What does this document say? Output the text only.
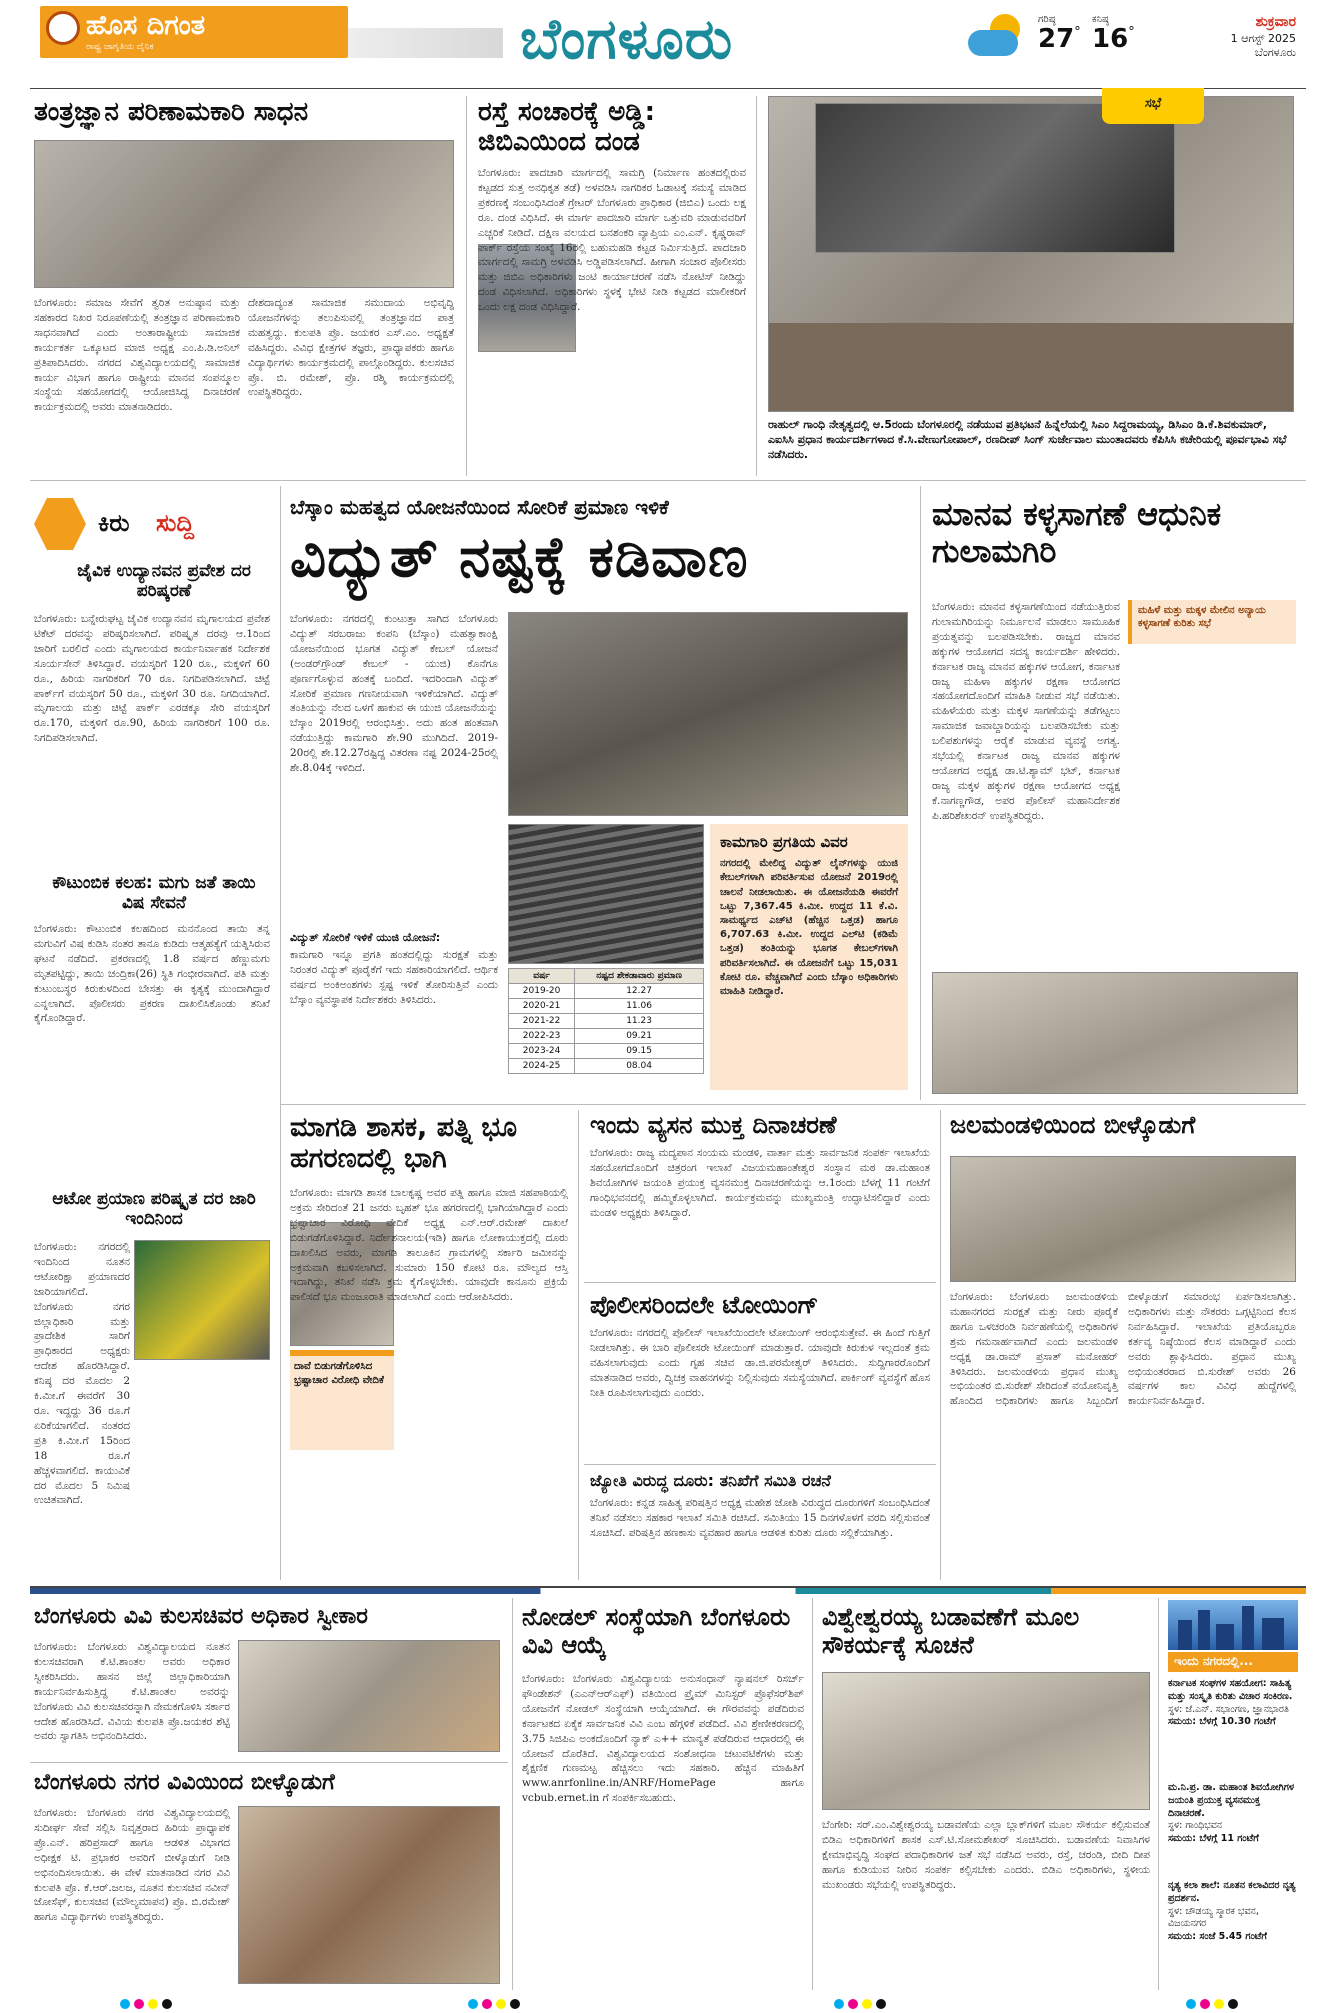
ಹೊಸ ದಿಗಂತ
ರಾಷ್ಟ್ರ ಜಾಗೃತಿಯ ದೈನಿಕ	ಬೆಂಗಳೂರು	ಗರಿಷ್ಠ
27°
ಕನಿಷ್ಠ
16°
ಶುಕ್ರವಾರ
1 ಆಗಸ್ಟ್ 2025
ಬೆಂಗಳೂರು
ತಂತ್ರಜ್ಞಾನ ಪರಿಣಾಮಕಾರಿ ಸಾಧನ
ಬೆಂಗಳೂರು: ಸಮಾಜ ಸೇವೆಗೆ ತ್ವರಿತ ಅನುಷ್ಠಾನ ಮತ್ತು ಸಹಕಾರದ ನಿಖರ ನಿರೂಪಣೆಯಲ್ಲಿ ತಂತ್ರಜ್ಞಾನ ಪರಿಣಾಮಕಾರಿ ಸಾಧನವಾಗಿದೆ ಎಂದು ಅಂತಾರಾಷ್ಟ್ರೀಯ ಸಾಮಾಜಿಕ ಕಾರ್ಯಕರ್ತ ಒಕ್ಕೂಟದ ಮಾಜಿ ಅಧ್ಯಕ್ಷ ಎಂ.ಪಿ.ಡಿ.ಅನಿಲ್ ಪ್ರತಿಪಾದಿಸಿದರು. ನಗರದ ವಿಶ್ವವಿದ್ಯಾಲಯದಲ್ಲಿ ಸಾಮಾಜಿಕ ಕಾರ್ಯ ವಿಭಾಗ ಹಾಗೂ ರಾಷ್ಟ್ರೀಯ ಮಾನವ ಸಂಪನ್ಮೂಲ ಸಂಸ್ಥೆಯ ಸಹಯೋಗದಲ್ಲಿ ಆಯೋಜಿಸಿದ್ದ ದಿನಾಚರಣೆ ಕಾರ್ಯಕ್ರಮದಲ್ಲಿ ಅವರು ಮಾತನಾಡಿದರು.
ದೇಶದಾದ್ಯಂತ ಸಾಮಾಜಿಕ ಸಮುದಾಯ ಅಭಿವೃದ್ಧಿ ಯೋಜನೆಗಳನ್ನು ತಲುಪಿಸುವಲ್ಲಿ ತಂತ್ರಜ್ಞಾನದ ಪಾತ್ರ ಮಹತ್ವದ್ದು. ಕುಲಪತಿ ಪ್ರೊ. ಜಯಕರ ಎಸ್.ಎಂ. ಅಧ್ಯಕ್ಷತೆ ವಹಿಸಿದ್ದರು. ವಿವಿಧ ಕ್ಷೇತ್ರಗಳ ತಜ್ಞರು, ಪ್ರಾಧ್ಯಾಪಕರು ಹಾಗೂ ವಿದ್ಯಾರ್ಥಿಗಳು ಕಾರ್ಯಕ್ರಮದಲ್ಲಿ ಪಾಲ್ಗೊಂಡಿದ್ದರು. ಕುಲಸಚಿವ ಪ್ರೊ. ಬಿ. ರಮೇಶ್, ಪ್ರೊ. ರಶ್ಮಿ ಕಾರ್ಯಕ್ರಮದಲ್ಲಿ ಉಪಸ್ಥಿತರಿದ್ದರು.
ರಸ್ತೆ ಸಂಚಾರಕ್ಕೆ ಅಡ್ಡಿ: ಜಿಬಿಎಯಿಂದ ದಂಡ
ಬೆಂಗಳೂರು: ಪಾದಚಾರಿ ಮಾರ್ಗದಲ್ಲಿ ಸಾಮಗ್ರಿ (ನಿರ್ಮಾಣ ಹಂತದಲ್ಲಿರುವ ಕಟ್ಟಡದ ಸುತ್ತ ಅನಧಿಕೃತ ತಡೆ) ಅಳವಡಿಸಿ ನಾಗರಿಕರ ಓಡಾಟಕ್ಕೆ ಸಮಸ್ಯೆ ಮಾಡಿದ ಪ್ರಕರಣಕ್ಕೆ ಸಂಬಂಧಿಸಿದಂತೆ ಗ್ರೇಟರ್ ಬೆಂಗಳೂರು ಪ್ರಾಧಿಕಾರ (ಜಿಬಿಎ) ಒಂದು ಲಕ್ಷ ರೂ. ದಂಡ ವಿಧಿಸಿದೆ. ಈ ಮಾರ್ಗ ಪಾದಚಾರಿ ಮಾರ್ಗ ಒತ್ತುವರಿ ಮಾಡುವವರಿಗೆ ಎಚ್ಚರಿಕೆ ನೀಡಿದೆ. ದಕ್ಷಿಣ ವಲಯದ ಬನಶಂಕರಿ ವ್ಯಾಪ್ತಿಯ ಎಂ.ಎನ್. ಕೃಷ್ಣರಾವ್ ಪಾರ್ಕ್ ರಸ್ತೆಯ ಸಂಖ್ಯೆ 16ರಲ್ಲಿ ಬಹುಮಹಡಿ ಕಟ್ಟಡ ನಿರ್ಮಿಸುತ್ತಿದೆ. ಪಾದಚಾರಿ ಮಾರ್ಗದಲ್ಲಿ ಸಾಮಗ್ರಿ ಅಳವಡಿಸಿ ಅಡ್ಡಿಪಡಿಸಲಾಗಿದೆ. ಹೀಗಾಗಿ ಸಂಚಾರ ಪೊಲೀಸರು ಮತ್ತು ಜಿಬಿಎ ಅಧಿಕಾರಿಗಳು ಜಂಟಿ ಕಾರ್ಯಾಚರಣೆ ನಡೆಸಿ ನೋಟಿಸ್ ನೀಡಿದ್ದು ದಂಡ ವಿಧಿಸಲಾಗಿದೆ. ಅಧಿಕಾರಿಗಳು ಸ್ಥಳಕ್ಕೆ ಭೇಟಿ ನೀಡಿ ಕಟ್ಟಡದ ಮಾಲೀಕರಿಗೆ ಒಂದು ಲಕ್ಷ ದಂಡ ವಿಧಿಸಿದ್ದಾರೆ.
ಸಭೆ
ರಾಹುಲ್ ಗಾಂಧಿ ನೇತೃತ್ವದಲ್ಲಿ ಆ.5ರಂದು ಬೆಂಗಳೂರಲ್ಲಿ ನಡೆಯುವ ಪ್ರತಿಭಟನೆ ಹಿನ್ನೆಲೆಯಲ್ಲಿ ಸಿಎಂ ಸಿದ್ದರಾಮಯ್ಯ, ಡಿಸಿಎಂ ಡಿ.ಕೆ.ಶಿವಕುಮಾರ್, ಎಐಸಿಸಿ ಪ್ರಧಾನ ಕಾರ್ಯದರ್ಶಿಗಳಾದ ಕೆ.ಸಿ.ವೇಣುಗೋಪಾಲ್, ರಣದೀಪ್ ಸಿಂಗ್ ಸುರ್ಜೇವಾಲ ಮುಂತಾದವರು ಕೆಪಿಸಿಸಿ ಕಚೇರಿಯಲ್ಲಿ ಪೂರ್ವಭಾವಿ ಸಭೆ ನಡೆಸಿದರು.
ಕಿರು ಸುದ್ದಿ
ಜೈವಿಕ ಉದ್ಯಾನವನ ಪ್ರವೇಶ ದರ ಪರಿಷ್ಕರಣೆ
ಬೆಂಗಳೂರು: ಬನ್ನೇರುಘಟ್ಟ ಜೈವಿಕ ಉದ್ಯಾನವನ ಮೃಗಾಲಯದ ಪ್ರವೇಶ ಟಿಕೆಟ್ ದರವನ್ನು ಪರಿಷ್ಕರಿಸಲಾಗಿದೆ. ಪರಿಷ್ಕೃತ ದರವು ಆ.1ರಿಂದ ಜಾರಿಗೆ ಬರಲಿದೆ ಎಂದು ಮೃಗಾಲಯದ ಕಾರ್ಯನಿರ್ವಾಹಕ ನಿರ್ದೇಶಕ ಸೂರ್ಯಸೇನ್ ತಿಳಿಸಿದ್ದಾರೆ. ವಯಸ್ಕರಿಗೆ 120 ರೂ., ಮಕ್ಕಳಿಗೆ 60 ರೂ., ಹಿರಿಯ ನಾಗರಿಕರಿಗೆ 70 ರೂ. ನಿಗದಿಪಡಿಸಲಾಗಿದೆ. ಚಿಟ್ಟೆ ಪಾರ್ಕ್‌ಗೆ ವಯಸ್ಕರಿಗೆ 50 ರೂ., ಮಕ್ಕಳಿಗೆ 30 ರೂ. ನಿಗದಿಯಾಗಿದೆ. ಮೃಗಾಲಯ ಮತ್ತು ಚಿಟ್ಟೆ ಪಾರ್ಕ್ ಎರಡಕ್ಕೂ ಸೇರಿ ವಯಸ್ಕರಿಗೆ ರೂ.170, ಮಕ್ಕಳಿಗೆ ರೂ.90, ಹಿರಿಯ ನಾಗರಿಕರಿಗೆ 100 ರೂ. ನಿಗದಿಪಡಿಸಲಾಗಿದೆ.
ಕೌಟುಂಬಿಕ ಕಲಹ: ಮಗು ಜತೆ ತಾಯಿ ವಿಷ ಸೇವನೆ
ಬೆಂಗಳೂರು: ಕೌಟುಂಬಿಕ ಕಲಹದಿಂದ ಮನನೊಂದ ತಾಯಿ ತನ್ನ ಮಗುವಿಗೆ ವಿಷ ಕುಡಿಸಿ ನಂತರ ತಾನೂ ಕುಡಿದು ಆತ್ಮಹತ್ಯೆಗೆ ಯತ್ನಿಸಿರುವ ಘಟನೆ ನಡೆದಿದೆ. ಪ್ರಕರಣದಲ್ಲಿ 1.8 ವರ್ಷದ ಹೆಣ್ಣುಮಗು ಮೃತಪಟ್ಟಿದ್ದು, ತಾಯಿ ಚಂದ್ರಿಕಾ(26) ಸ್ಥಿತಿ ಗಂಭೀರವಾಗಿದೆ. ಪತಿ ಮತ್ತು ಕುಟುಂಬಸ್ಥರ ಕಿರುಕುಳದಿಂದ ಬೇಸತ್ತು ಈ ಕೃತ್ಯಕ್ಕೆ ಮುಂದಾಗಿದ್ದಾರೆ ಎನ್ನಲಾಗಿದೆ. ಪೊಲೀಸರು ಪ್ರಕರಣ ದಾಖಲಿಸಿಕೊಂಡು ತನಿಖೆ ಕೈಗೊಂಡಿದ್ದಾರೆ.
ಆಟೋ ಪ್ರಯಾಣ ಪರಿಷ್ಕೃತ ದರ ಜಾರಿ ಇಂದಿನಿಂದ
ಬೆಂಗಳೂರು: ನಗರದಲ್ಲಿ ಇಂದಿನಿಂದ ನೂತನ ಆಟೋರಿಕ್ಷಾ ಪ್ರಯಾಣದರ ಜಾರಿಯಾಗಲಿದೆ. ಬೆಂಗಳೂರು ನಗರ ಜಿಲ್ಲಾಧಿಕಾರಿ ಮತ್ತು ಪ್ರಾದೇಶಿಕ ಸಾರಿಗೆ ಪ್ರಾಧಿಕಾರದ ಅಧ್ಯಕ್ಷರು ಆದೇಶ ಹೊರಡಿಸಿದ್ದಾರೆ. ಕನಿಷ್ಠ ದರ ಮೊದಲ 2 ಕಿ.ಮೀ.ಗೆ ಈವರೆಗೆ 30 ರೂ. ಇದ್ದದ್ದು 36 ರೂ.ಗೆ ಏರಿಕೆಯಾಗಲಿದೆ. ನಂತರದ ಪ್ರತಿ ಕಿ.ಮೀ.ಗೆ 15ರಿಂದ 18 ರೂ.ಗೆ ಹೆಚ್ಚಳವಾಗಲಿದೆ. ಕಾಯುವಿಕೆ ದರ ಮೊದಲ 5 ನಿಮಿಷ ಉಚಿತವಾಗಿದೆ.
ಬೆಸ್ಕಾಂ ಮಹತ್ವದ ಯೋಜನೆಯಿಂದ ಸೋರಿಕೆ ಪ್ರಮಾಣ ಇಳಿಕೆ
ವಿದ್ಯುತ್ ನಷ್ಟಕ್ಕೆ ಕಡಿವಾಣ
ಬೆಂಗಳೂರು: ನಗರದಲ್ಲಿ ಕುಂಟುತ್ತಾ ಸಾಗಿದ ಬೆಂಗಳೂರು ವಿದ್ಯುತ್ ಸರಬರಾಜು ಕಂಪನಿ (ಬೆಸ್ಕಾಂ) ಮಹತ್ವಾಕಾಂಕ್ಷಿ ಯೋಜನೆಯಿಂದ ಭೂಗತ ವಿದ್ಯುತ್ ಕೇಬಲ್ ಯೋಜನೆ (ಅಂಡರ್‌ಗ್ರೌಂಡ್ ಕೇಬಲ್ - ಯುಜಿ) ಕೊನೆಗೂ ಪೂರ್ಣಗೊಳ್ಳುವ ಹಂತಕ್ಕೆ ಬಂದಿದೆ. ಇದರಿಂದಾಗಿ ವಿದ್ಯುತ್ ಸೋರಿಕೆ ಪ್ರಮಾಣ ಗಣನೀಯವಾಗಿ ಇಳಿಕೆಯಾಗಿದೆ. ವಿದ್ಯುತ್ ತಂತಿಯನ್ನು ನೆಲದ ಒಳಗೆ ಹಾಕುವ ಈ ಯುಜಿ ಯೋಜನೆಯನ್ನು ಬೆಸ್ಕಾಂ 2019ರಲ್ಲಿ ಆರಂಭಿಸಿತ್ತು. ಅದು ಹಂತ ಹಂತವಾಗಿ ನಡೆಯುತ್ತಿದ್ದು ಕಾಮಗಾರಿ ಶೇ.90 ಮುಗಿದಿದೆ. 2019-20ರಲ್ಲಿ ಶೇ.12.27ರಷ್ಟಿದ್ದ ವಿತರಣಾ ನಷ್ಟ 2024-25ರಲ್ಲಿ ಶೇ.8.04ಕ್ಕೆ ಇಳಿದಿದೆ.
ವಿದ್ಯುತ್ ಸೋರಿಕೆ ಇಳಿಕೆ ಯುಜಿ ಯೋಜನೆ:
ಕಾಮಗಾರಿ ಇನ್ನೂ ಪ್ರಗತಿ ಹಂತದಲ್ಲಿದ್ದು ಸುರಕ್ಷತೆ ಮತ್ತು ನಿರಂತರ ವಿದ್ಯುತ್ ಪೂರೈಕೆಗೆ ಇದು ಸಹಕಾರಿಯಾಗಲಿದೆ. ಆರ್ಥಿಕ ವರ್ಷದ ಅಂಕಿಅಂಶಗಳು ಸ್ಪಷ್ಟ ಇಳಿಕೆ ತೋರಿಸುತ್ತಿವೆ ಎಂದು ಬೆಸ್ಕಾಂ ವ್ಯವಸ್ಥಾಪಕ ನಿರ್ದೇಶಕರು ತಿಳಿಸಿದರು.
ವರ್ಷ	ನಷ್ಟದ ಶೇಕಡಾವಾರು ಪ್ರಮಾಣ
2019-20	12.27
2020-21	11.06
2021-22	11.23
2022-23	09.21
2023-24	09.15
2024-25	08.04
ಕಾಮಗಾರಿ ಪ್ರಗತಿಯ ವಿವರ
ನಗರದಲ್ಲಿ ಮೇಲಿದ್ದ ವಿದ್ಯುತ್ ಲೈನ್‌ಗಳನ್ನು ಯುಜಿ ಕೇಬಲ್‌ಗಳಾಗಿ ಪರಿವರ್ತಿಸುವ ಯೋಜನೆ 2019ರಲ್ಲಿ ಚಾಲನೆ ನೀಡಲಾಯಿತು. ಈ ಯೋಜನೆಯಡಿ ಈವರೆಗೆ ಒಟ್ಟು 7,367.45 ಕಿ.ಮೀ. ಉದ್ದದ 11 ಕೆ.ವಿ. ಸಾಮರ್ಥ್ಯದ ಎಚ್‌ಟಿ (ಹೆಚ್ಚಿನ ಒತ್ತಡ) ಹಾಗೂ 6,707.63 ಕಿ.ಮೀ. ಉದ್ದದ ಎಲ್‌ಟಿ (ಕಡಿಮೆ ಒತ್ತಡ) ತಂತಿಯನ್ನು ಭೂಗತ ಕೇಬಲ್‌ಗಳಾಗಿ ಪರಿವರ್ತಿಸಲಾಗಿದೆ. ಈ ಯೋಜನೆಗೆ ಒಟ್ಟು 15,031 ಕೋಟಿ ರೂ. ವೆಚ್ಚವಾಗಿದೆ ಎಂದು ಬೆಸ್ಕಾಂ ಅಧಿಕಾರಿಗಳು ಮಾಹಿತಿ ನೀಡಿದ್ದಾರೆ.
ಮಾನವ ಕಳ್ಳಸಾಗಣೆ ಆಧುನಿಕ ಗುಲಾಮಗಿರಿ
ಮಹಿಳೆ ಮತ್ತು ಮಕ್ಕಳ ಮೇಲಿನ ಅನ್ಯಾಯ ಕಳ್ಳಸಾಗಣೆ ಕುರಿತು ಸಭೆ
ಬೆಂಗಳೂರು: ಮಾನವ ಕಳ್ಳಸಾಗಣೆಯಿಂದ ನಡೆಯುತ್ತಿರುವ ಗುಲಾಮಗಿರಿಯನ್ನು ನಿರ್ಮೂಲನೆ ಮಾಡಲು ಸಾಮೂಹಿಕ ಪ್ರಯತ್ನವನ್ನು ಬಲಪಡಿಸಬೇಕು. ರಾಜ್ಯದ ಮಾನವ ಹಕ್ಕುಗಳ ಆಯೋಗದ ಸದಸ್ಯ ಕಾರ್ಯದರ್ಶಿ ಹೇಳಿದರು. ಕರ್ನಾಟಕ ರಾಜ್ಯ ಮಾನವ ಹಕ್ಕುಗಳ ಆಯೋಗ, ಕರ್ನಾಟಕ ರಾಜ್ಯ ಮಹಿಳಾ ಹಕ್ಕುಗಳ ರಕ್ಷಣಾ ಆಯೋಗದ ಸಹಯೋಗದೊಂದಿಗೆ ಮಾಹಿತಿ ನೀಡುವ ಸಭೆ ನಡೆಯಿತು. ಮಹಿಳೆಯರು ಮತ್ತು ಮಕ್ಕಳ ಸಾಗಣೆಯನ್ನು ತಡೆಗಟ್ಟಲು ಸಾಮಾಜಿಕ ಜವಾಬ್ದಾರಿಯನ್ನು ಬಲಪಡಿಸಬೇಕು ಮತ್ತು ಬಲಿಪಶುಗಳನ್ನು ಆರೈಕೆ ಮಾಡುವ ವ್ಯವಸ್ಥೆ ಅಗತ್ಯ. ಸಭೆಯಲ್ಲಿ ಕರ್ನಾಟಕ ರಾಜ್ಯ ಮಾನವ ಹಕ್ಕುಗಳ ಆಯೋಗದ ಅಧ್ಯಕ್ಷ ಡಾ.ಟಿ.ಶ್ಯಾಮ್ ಭಟ್, ಕರ್ನಾಟಕ ರಾಜ್ಯ ಮಕ್ಕಳ ಹಕ್ಕುಗಳ ರಕ್ಷಣಾ ಆಯೋಗದ ಅಧ್ಯಕ್ಷ ಕೆ.ನಾಗಣ್ಣಗೌಡ, ಅಪರ ಪೊಲೀಸ್ ಮಹಾನಿರ್ದೇಶಕ ಪಿ.ಹರಿಶೇಖರನ್ ಉಪಸ್ಥಿತರಿದ್ದರು.
ಮಾಗಡಿ ಶಾಸಕ, ಪತ್ನಿ ಭೂ ಹಗರಣದಲ್ಲಿ ಭಾಗಿ
ದಾವೆ ಬಿಡುಗಡೆಗೊಳಿಸಿದ ಭ್ರಷ್ಟಾಚಾರ ವಿರೋಧಿ ವೇದಿಕೆ
ಬೆಂಗಳೂರು: ಮಾಗಡಿ ಶಾಸಕ ಬಾಲಕೃಷ್ಣ ಅವರ ಪತ್ನಿ ಹಾಗೂ ಮಾಜಿ ಸಹಪಾಠಿಯಲ್ಲಿ ಅಕ್ರಮ ಸೇರಿದಂತೆ 21 ಜನರು ಬೃಹತ್ ಭೂ ಹಗರಣದಲ್ಲಿ ಭಾಗಿಯಾಗಿದ್ದಾರೆ ಎಂದು ಭ್ರಷ್ಟಾಚಾರ ವಿರೋಧಿ ವೇದಿಕೆ ಅಧ್ಯಕ್ಷ ಎನ್.ಆರ್.ರಮೇಶ್ ದಾಖಲೆ ಬಿಡುಗಡೆಗೊಳಿಸಿದ್ದಾರೆ. ನಿರ್ದೇಶನಾಲಯ(ಇಡಿ) ಹಾಗೂ ಲೋಕಾಯುಕ್ತದಲ್ಲಿ ದೂರು ದಾಖಲಿಸಿದ ಅವರು, ಮಾಗಡಿ ತಾಲೂಕಿನ ಗ್ರಾಮಗಳಲ್ಲಿ ಸರ್ಕಾರಿ ಜಮೀನನ್ನು ಅಕ್ರಮವಾಗಿ ಕಬಳಿಸಲಾಗಿದೆ. ಸುಮಾರು 150 ಕೋಟಿ ರೂ. ಮೌಲ್ಯದ ಆಸ್ತಿ ಇದಾಗಿದ್ದು, ತನಿಖೆ ನಡೆಸಿ ಕ್ರಮ ಕೈಗೊಳ್ಳಬೇಕು. ಯಾವುದೇ ಕಾನೂನು ಪ್ರಕ್ರಿಯೆ ಪಾಲಿಸದೆ ಭೂ ಮಂಜೂರಾತಿ ಮಾಡಲಾಗಿದೆ ಎಂದು ಆರೋಪಿಸಿದರು.
ಇಂದು ವ್ಯಸನ ಮುಕ್ತ ದಿನಾಚರಣೆ
ಬೆಂಗಳೂರು: ರಾಜ್ಯ ಮದ್ಯಪಾನ ಸಂಯಮ ಮಂಡಳಿ, ವಾರ್ತಾ ಮತ್ತು ಸಾರ್ವಜನಿಕ ಸಂಪರ್ಕ ಇಲಾಖೆಯ ಸಹಯೋಗದೊಂದಿಗೆ ಚಿತ್ರರಂಗ ಇಲಾಖೆ ವಿಜಯಮಹಾಂತೇಶ್ವರ ಸಂಸ್ಥಾನ ಮಠ ಡಾ.ಮಹಾಂತ ಶಿವಯೋಗಿಗಳ ಜಯಂತಿ ಪ್ರಯುಕ್ತ ವ್ಯಸನಮುಕ್ತ ದಿನಾಚರಣೆಯನ್ನು ಆ.1ರಂದು ಬೆಳಗ್ಗೆ 11 ಗಂಟೆಗೆ ಗಾಂಧಿಭವನದಲ್ಲಿ ಹಮ್ಮಿಕೊಳ್ಳಲಾಗಿದೆ. ಕಾರ್ಯಕ್ರಮವನ್ನು ಮುಖ್ಯಮಂತ್ರಿ ಉದ್ಘಾಟಿಸಲಿದ್ದಾರೆ ಎಂದು ಮಂಡಳಿ ಅಧ್ಯಕ್ಷರು ತಿಳಿಸಿದ್ದಾರೆ.
ಪೊಲೀಸರಿಂದಲೇ ಟೋಯಿಂಗ್
ಬೆಂಗಳೂರು: ನಗರದಲ್ಲಿ ಪೊಲೀಸ್ ಇಲಾಖೆಯಿಂದಲೇ ಟೋಯಿಂಗ್ ಆರಂಭಿಸುತ್ತೇವೆ. ಈ ಹಿಂದೆ ಗುತ್ತಿಗೆ ನೀಡಲಾಗಿತ್ತು. ಈ ಬಾರಿ ಪೊಲೀಸರೇ ಟೋಯಿಂಗ್ ಮಾಡುತ್ತಾರೆ. ಯಾವುದೇ ಕಿರುಕುಳ ಇಲ್ಲದಂತೆ ಕ್ರಮ ವಹಿಸಲಾಗುವುದು ಎಂದು ಗೃಹ ಸಚಿವ ಡಾ.ಜಿ.ಪರಮೇಶ್ವರ್ ತಿಳಿಸಿದರು. ಸುದ್ದಿಗಾರರೊಂದಿಗೆ ಮಾತನಾಡಿದ ಅವರು, ದ್ವಿಚಕ್ರ ವಾಹನಗಳನ್ನು ನಿಲ್ಲಿಸುವುದು ಸಮಸ್ಯೆಯಾಗಿದೆ. ಪಾರ್ಕಿಂಗ್ ವ್ಯವಸ್ಥೆಗೆ ಹೊಸ ನೀತಿ ರೂಪಿಸಲಾಗುವುದು ಎಂದರು.
ಜ್ಯೋತಿ ವಿರುದ್ಧ ದೂರು: ತನಿಖೆಗೆ ಸಮಿತಿ ರಚನೆ
ಬೆಂಗಳೂರು: ಕನ್ನಡ ಸಾಹಿತ್ಯ ಪರಿಷತ್ತಿನ ಅಧ್ಯಕ್ಷ ಮಹೇಶ ಜೋಶಿ ವಿರುದ್ಧದ ದೂರುಗಳಿಗೆ ಸಂಬಂಧಿಸಿದಂತೆ ತನಿಖೆ ನಡೆಸಲು ಸಹಕಾರ ಇಲಾಖೆ ಸಮಿತಿ ರಚಿಸಿದೆ. ಸಮಿತಿಯು 15 ದಿನಗಳೊಳಗೆ ವರದಿ ಸಲ್ಲಿಸುವಂತೆ ಸೂಚಿಸಿದೆ. ಪರಿಷತ್ತಿನ ಹಣಕಾಸು ವ್ಯವಹಾರ ಹಾಗೂ ಆಡಳಿತ ಕುರಿತು ದೂರು ಸಲ್ಲಿಕೆಯಾಗಿತ್ತು.
ಜಲಮಂಡಳಿಯಿಂದ ಬೀಳ್ಕೊಡುಗೆ
ಬೆಂಗಳೂರು: ಬೆಂಗಳೂರು ಜಲಮಂಡಳಿಯ ಮಹಾನಗರದ ಸುರಕ್ಷತೆ ಮತ್ತು ನೀರು ಪೂರೈಕೆ ಹಾಗೂ ಒಳಚರಂಡಿ ನಿರ್ವಹಣೆಯಲ್ಲಿ ಅಧಿಕಾರಿಗಳ ಶ್ರಮ ಗಮನಾರ್ಹವಾಗಿದೆ ಎಂದು ಜಲಮಂಡಳಿ ಅಧ್ಯಕ್ಷ ಡಾ.ರಾಮ್ ಪ್ರಸಾತ್ ಮನೋಹರ್ ತಿಳಿಸಿದರು. ಜಲಮಂಡಳಿಯ ಪ್ರಧಾನ ಮುಖ್ಯ ಅಭಿಯಂತರ ಬಿ.ಸುರೇಶ್ ಸೇರಿದಂತೆ ವಯೋನಿವೃತ್ತಿ ಹೊಂದಿದ ಅಧಿಕಾರಿಗಳು ಹಾಗೂ ಸಿಬ್ಬಂದಿಗೆ ಬೀಳ್ಕೊಡುಗೆ ಸಮಾರಂಭ ಏರ್ಪಡಿಸಲಾಗಿತ್ತು. ಅಧಿಕಾರಿಗಳು ಮತ್ತು ನೌಕರರು ಒಗ್ಗಟ್ಟಿನಿಂದ ಕೆಲಸ ನಿರ್ವಹಿಸಿದ್ದಾರೆ. ಇಲಾಖೆಯ ಪ್ರತಿಯೊಬ್ಬರೂ ಕರ್ತವ್ಯ ನಿಷ್ಠೆಯಿಂದ ಕೆಲಸ ಮಾಡಿದ್ದಾರೆ ಎಂದು ಅವರು ಶ್ಲಾಘಿಸಿದರು. ಪ್ರಧಾನ ಮುಖ್ಯ ಅಭಿಯಂತರರಾದ ಬಿ.ಸುರೇಶ್ ಅವರು 26 ವರ್ಷಗಳ ಕಾಲ ವಿವಿಧ ಹುದ್ದೆಗಳಲ್ಲಿ ಕಾರ್ಯನಿರ್ವಹಿಸಿದ್ದಾರೆ.
ಬೆಂಗಳೂರು ವಿವಿ ಕುಲಸಚಿವರ ಅಧಿಕಾರ ಸ್ವೀಕಾರ
ಬೆಂಗಳೂರು: ಬೆಂಗಳೂರು ವಿಶ್ವವಿದ್ಯಾಲಯದ ನೂತನ ಕುಲಸಚಿವರಾಗಿ ಕೆ.ಟಿ.ಶಾಂತಲ ಅವರು ಅಧಿಕಾರ ಸ್ವೀಕರಿಸಿದರು. ಹಾಸನ ಜಿಲ್ಲೆ ಜಿಲ್ಲಾಧಿಕಾರಿಯಾಗಿ ಕಾರ್ಯನಿರ್ವಹಿಸುತ್ತಿದ್ದ ಕೆ.ಟಿ.ಶಾಂತಲ ಅವರನ್ನು ಬೆಂಗಳೂರು ವಿವಿ ಕುಲಸಚಿವರನ್ನಾಗಿ ನೇಮಕಗೊಳಿಸಿ ಸರ್ಕಾರ ಆದೇಶ ಹೊರಡಿಸಿದೆ. ವಿವಿಯ ಕುಲಪತಿ ಪ್ರೊ.ಜಯಕರ ಶೆಟ್ಟಿ ಅವರು ಸ್ವಾಗತಿಸಿ ಅಭಿನಂದಿಸಿದರು.
ಬೆಂಗಳೂರು ನಗರ ವಿವಿಯಿಂದ ಬೀಳ್ಕೊಡುಗೆ
ಬೆಂಗಳೂರು: ಬೆಂಗಳೂರು ನಗರ ವಿಶ್ವವಿದ್ಯಾಲಯದಲ್ಲಿ ಸುದೀರ್ಘ ಸೇವೆ ಸಲ್ಲಿಸಿ ನಿವೃತ್ತರಾದ ಹಿರಿಯ ಪ್ರಾಧ್ಯಾಪಕ ಪ್ರೊ.ಎನ್. ಹರಿಪ್ರಸಾದ್ ಹಾಗೂ ಆಡಳಿತ ವಿಭಾಗದ ಅಧೀಕ್ಷಕ ಟಿ. ಪ್ರಭಾಕರ ಅವರಿಗೆ ಬೀಳ್ಕೊಡುಗೆ ನೀಡಿ ಅಭಿನಂದಿಸಲಾಯಿತು. ಈ ವೇಳೆ ಮಾತನಾಡಿದ ನಗರ ವಿವಿ ಕುಲಪತಿ ಪ್ರೊ. ಕೆ.ಆರ್.ಜಲಜ, ನೂತನ ಕುಲಸಚಿವ ನವೀನ್ ಜೋಸೆಫ್, ಕುಲಸಚಿವ (ಮೌಲ್ಯಮಾಪನ) ಪ್ರೊ. ಬಿ.ರಮೇಶ್ ಹಾಗೂ ವಿದ್ಯಾರ್ಥಿಗಳು ಉಪಸ್ಥಿತರಿದ್ದರು.
ನೋಡಲ್ ಸಂಸ್ಥೆಯಾಗಿ ಬೆಂಗಳೂರು ವಿವಿ ಆಯ್ಕೆ
ಬೆಂಗಳೂರು: ಬೆಂಗಳೂರು ವಿಶ್ವವಿದ್ಯಾಲಯ ಅನುಸಂಧಾನ್ ನ್ಯಾಷನಲ್ ರಿಸರ್ಚ್ ಫೌಂಡೇಶನ್ (ಎಎನ್‌ಆರ್‌ಎಫ್) ವತಿಯಿಂದ ಪ್ರೈಮ್ ಮಿನಿಸ್ಟರ್ ಪ್ರೊಫೆಸರ್‌ಶಿಪ್ ಯೋಜನೆಗೆ ನೋಡಲ್ ಸಂಸ್ಥೆಯಾಗಿ ಆಯ್ಕೆಯಾಗಿದೆ. ಈ ಗೌರವವನ್ನು ಪಡೆದಿರುವ ಕರ್ನಾಟಕದ ಏಕೈಕ ಸಾರ್ವಜನಿಕ ವಿವಿ ಎಂಬ ಹೆಗ್ಗಳಿಕೆ ಪಡೆದಿದೆ. ವಿವಿ ಶ್ರೇಣೀಕರಣದಲ್ಲಿ 3.75 ಸಿಜಿಪಿಎ ಅಂಕದೊಂದಿಗೆ ನ್ಯಾಕ್ ಎ++ ಮಾನ್ಯತೆ ಪಡೆದಿರುವ ಆಧಾರದಲ್ಲಿ ಈ ಯೋಜನೆ ದೊರೆತಿದೆ. ವಿಶ್ವವಿದ್ಯಾಲಯದ ಸಂಶೋಧನಾ ಚಟುವಟಿಕೆಗಳು ಮತ್ತು ಶೈಕ್ಷಣಿಕ ಗುಣಮಟ್ಟ ಹೆಚ್ಚಿಸಲು ಇದು ಸಹಕಾರಿ. ಹೆಚ್ಚಿನ ಮಾಹಿತಿಗೆ www.anrfonline.in/ANRF/HomePage ಹಾಗೂ vcbub.ernet.in ಗೆ ಸಂಪರ್ಕಿಸಬಹುದು.
ವಿಶ್ವೇಶ್ವರಯ್ಯ ಬಡಾವಣೆಗೆ ಮೂಲ ಸೌಕರ್ಯಕ್ಕೆ ಸೂಚನೆ
ಬೆಂಗೇರಿ: ಸರ್.ಎಂ.ವಿಶ್ವೇಶ್ವರಯ್ಯ ಬಡಾವಣೆಯ ಎಲ್ಲಾ ಬ್ಲಾಕ್‌ಗಳಿಗೆ ಮೂಲ ಸೌಕರ್ಯ ಕಲ್ಪಿಸುವಂತೆ ಬಿಡಿಎ ಅಧಿಕಾರಿಗಳಿಗೆ ಶಾಸಕ ಎಸ್.ಟಿ.ಸೋಮಶೇಖರ್ ಸೂಚಿಸಿದರು. ಬಡಾವಣೆಯ ನಿವಾಸಿಗಳ ಕ್ಷೇಮಾಭಿವೃದ್ಧಿ ಸಂಘದ ಪದಾಧಿಕಾರಿಗಳ ಜತೆ ಸಭೆ ನಡೆಸಿದ ಅವರು, ರಸ್ತೆ, ಚರಂಡಿ, ಬೀದಿ ದೀಪ ಹಾಗೂ ಕುಡಿಯುವ ನೀರಿನ ಸಂಪರ್ಕ ಕಲ್ಪಿಸಬೇಕು ಎಂದರು. ಬಿಡಿಎ ಅಧಿಕಾರಿಗಳು, ಸ್ಥಳೀಯ ಮುಖಂಡರು ಸಭೆಯಲ್ಲಿ ಉಪಸ್ಥಿತರಿದ್ದರು.
ಇಂದು ನಗರದಲ್ಲಿ...
ಕರ್ನಾಟಕ ಸಂಘಗಳ ಸಹಯೋಗ: ಸಾಹಿತ್ಯ ಮತ್ತು ಸಂಸ್ಕೃತಿ ಕುರಿತು ವಿಚಾರ ಸಂಕಿರಣ.
ಸ್ಥಳ: ಜೆ.ಎನ್. ಸಭಾಂಗಣ, ಜ್ಞಾನಭಾರತಿ
ಸಮಯ: ಬೆಳಗ್ಗೆ 10.30 ಗಂಟೆಗೆ
ಮ.ನಿ.ಪ್ರ. ಡಾ. ಮಹಾಂತ ಶಿವಯೋಗಿಗಳ ಜಯಂತಿ ಪ್ರಯುಕ್ತ ವ್ಯಸನಮುಕ್ತ ದಿನಾಚರಣೆ.
ಸ್ಥಳ: ಗಾಂಧಿಭವನ
ಸಮಯ: ಬೆಳಗ್ಗೆ 11 ಗಂಟೆಗೆ
ನೃತ್ಯ ಕಲಾ ಶಾಲೆ: ನೂತನ ಕಲಾವಿದರ ನೃತ್ಯ ಪ್ರದರ್ಶನ.
ಸ್ಥಳ: ಚೌಡಯ್ಯ ಸ್ಮಾರಕ ಭವನ, ವಿಜಯನಗರ
ಸಮಯ: ಸಂಜೆ 5.45 ಗಂಟೆಗೆ
